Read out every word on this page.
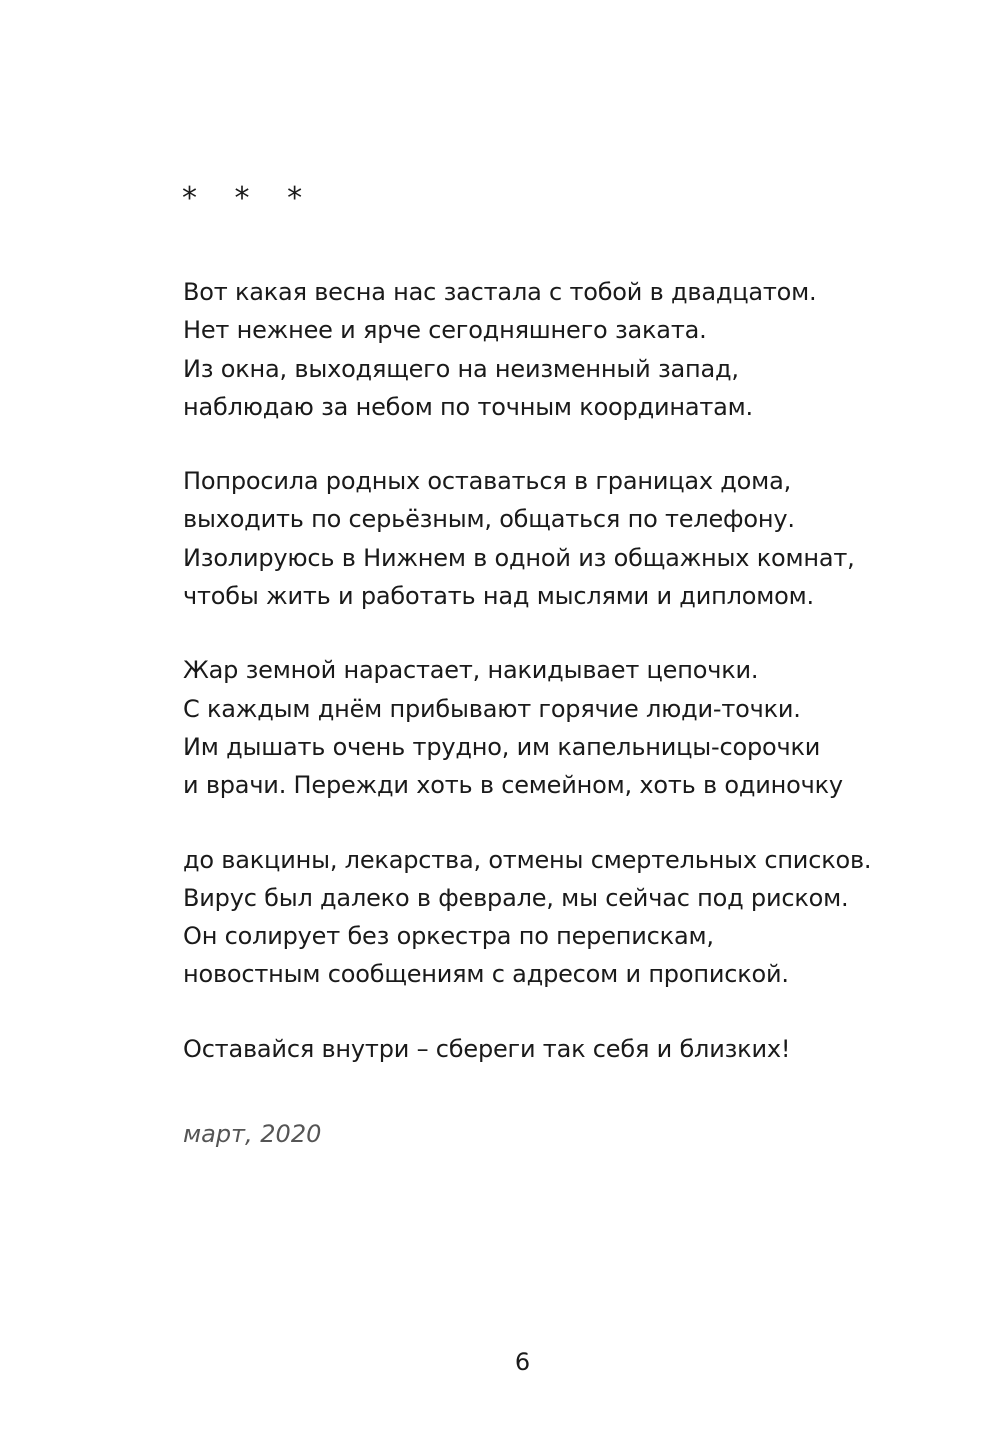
* * *
Вот какая весна нас застала с тобой в двадцатом.
Нет нежнее и ярче сегодняшнего заката.
Из окна, выходящего на неизменный запад,
наблюдаю за небом по точным координатам.
Попросила родных оставаться в границах дома,
выходить по серьёзным, общаться по телефону.
Изолируюсь в Нижнем в одной из общажных комнат,
чтобы жить и работать над мыслями и дипломом.
Жар земной нарастает, накидывает цепочки.
С каждым днём прибывают горячие люди-точки.
Им дышать очень трудно, им капельницы-сорочки
и врачи. Пережди хоть в семейном, хоть в одиночку
до вакцины, лекарства, отмены смертельных списков.
Вирус был далеко в феврале, мы сейчас под риском.
Он солирует без оркестра по перепискам,
новостным сообщениям с адресом и пропиской.
Оставайся внутри – сбереги так себя и близких!
март, 2020
6
